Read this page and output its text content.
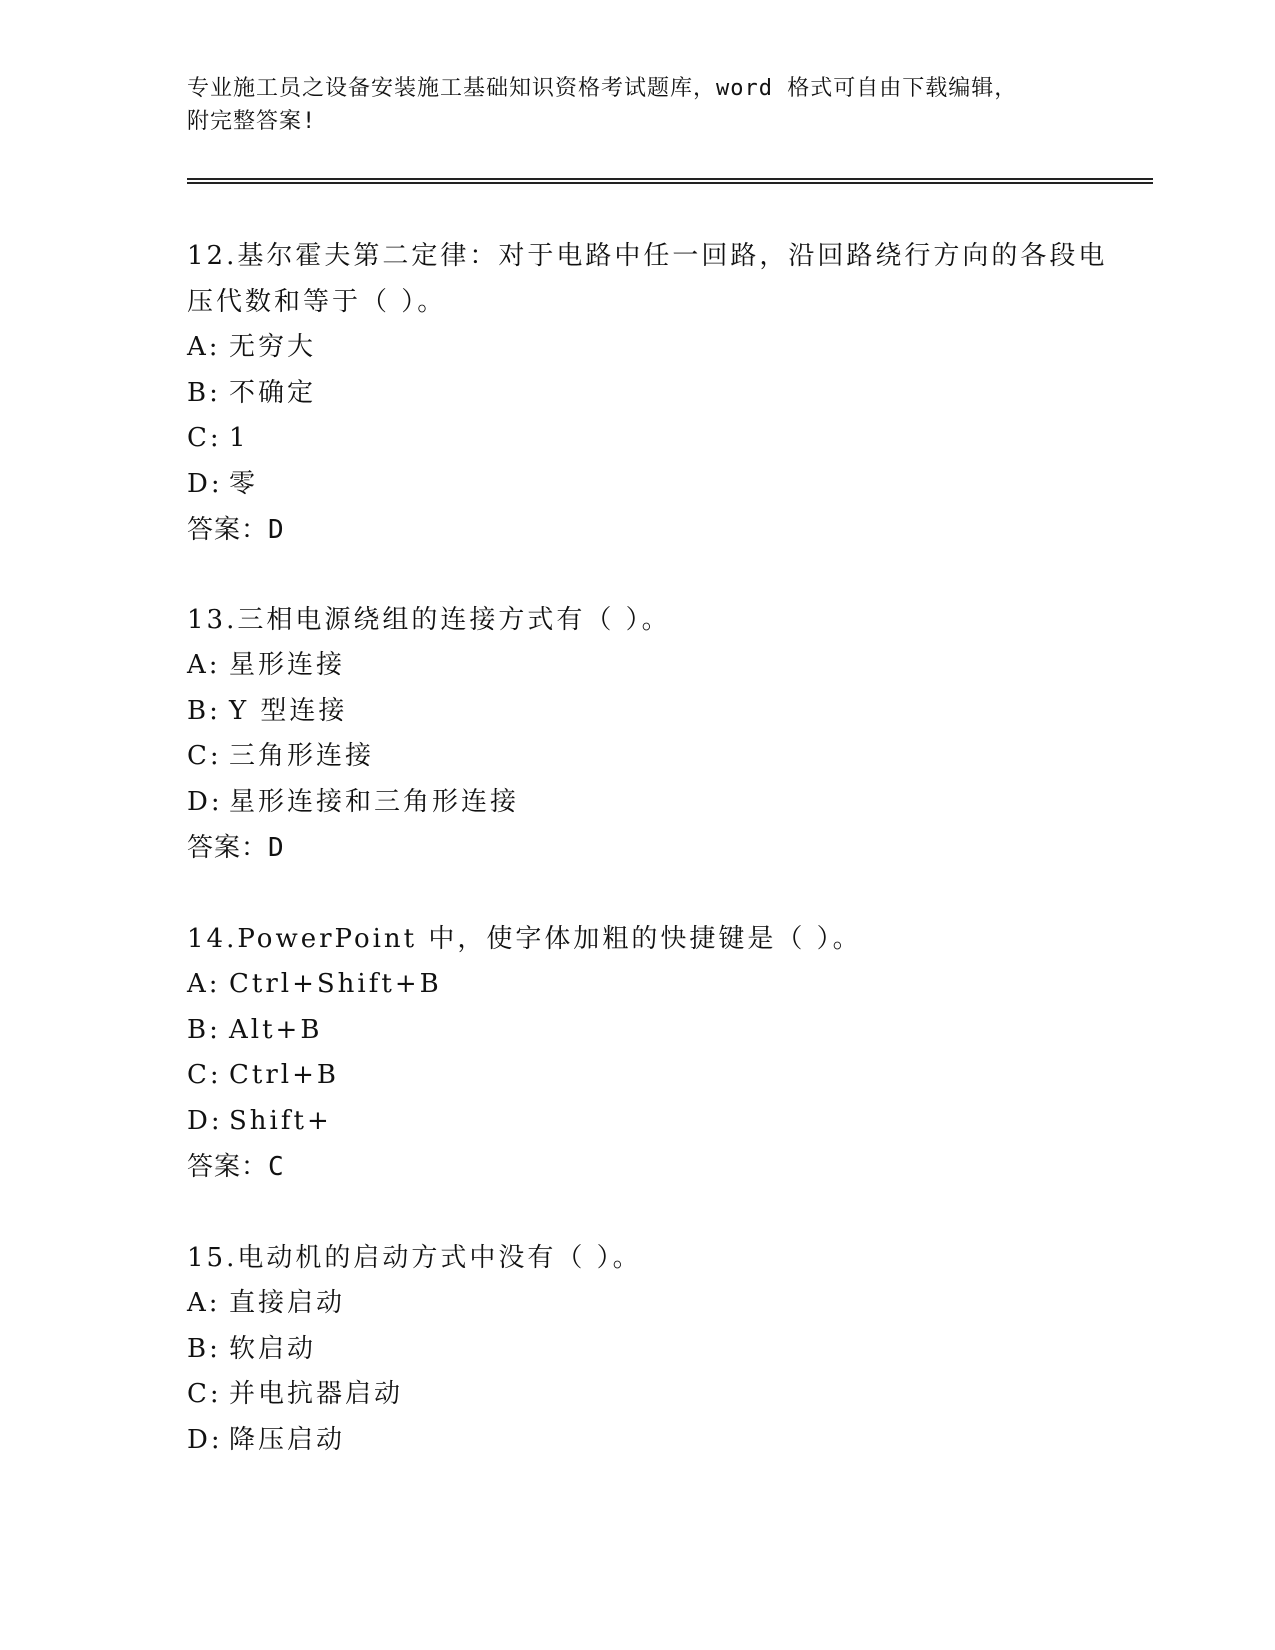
专业施工员之设备安装施工基础知识资格考试题库，word 格式可自由下载编辑，
附完整答案!
12.基尔霍夫第二定律：对于电路中任一回路，沿回路绕行方向的各段电压代数和等于（ ）。
A: 无穷大
B: 不确定
C: 1
D: 零
答案：D
13.三相电源绕组的连接方式有（ ）。
A: 星形连接
B: Y 型连接
C: 三角形连接
D: 星形连接和三角形连接
答案：D
14.PowerPoint 中，使字体加粗的快捷键是（ ）。
A: Ctrl+Shift+B
B: Alt+B
C: Ctrl+B
D: Shift+
答案：C
15.电动机的启动方式中没有（ ）。
A: 直接启动
B: 软启动
C: 并电抗器启动
D: 降压启动
